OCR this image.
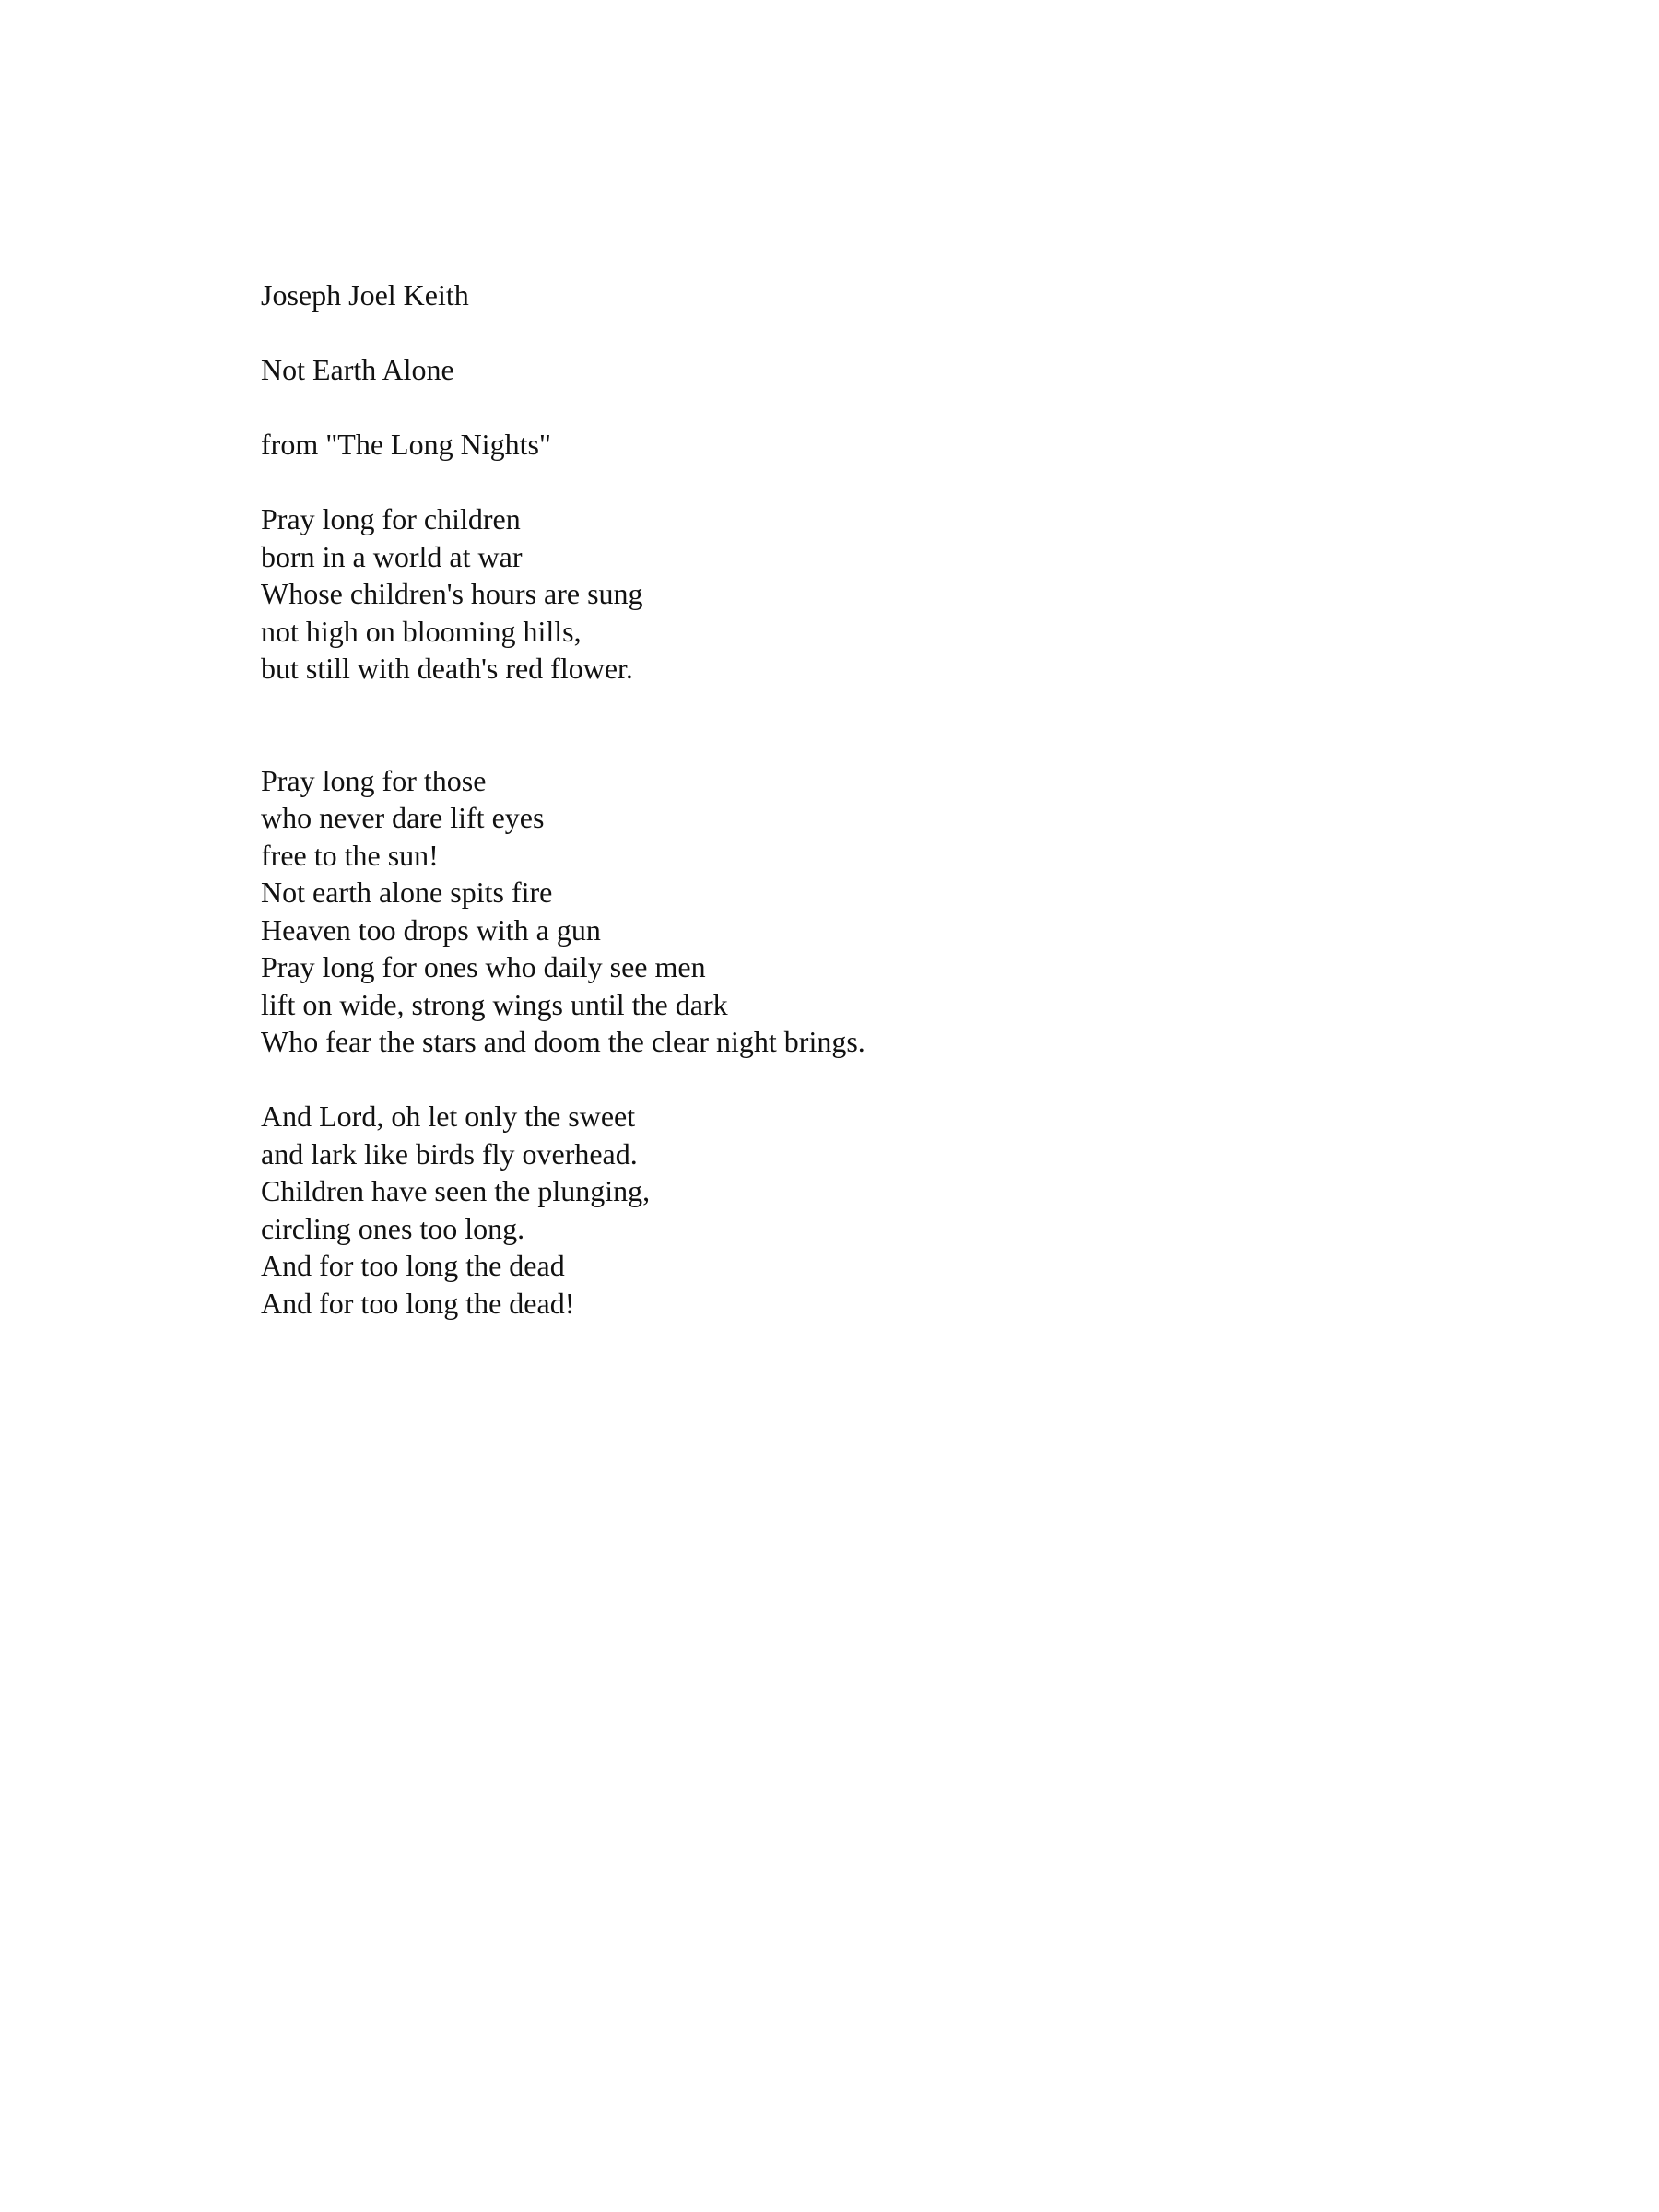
Joseph Joel Keith
Not Earth Alone
from "The Long Nights"
Pray long for children
born in a world at war
Whose children's hours are sung
not high on blooming hills,
but still with death's red flower.
Pray long for those
who never dare lift eyes
free to the sun!
Not earth alone spits fire
Heaven too drops with a gun
Pray long for ones who daily see men
lift on wide, strong wings until the dark
Who fear the stars and doom the clear night brings.
And Lord, oh let only the sweet
and lark like birds fly overhead.
Children have seen the plunging,
circling ones too long.
And for too long the dead
And for too long the dead!
